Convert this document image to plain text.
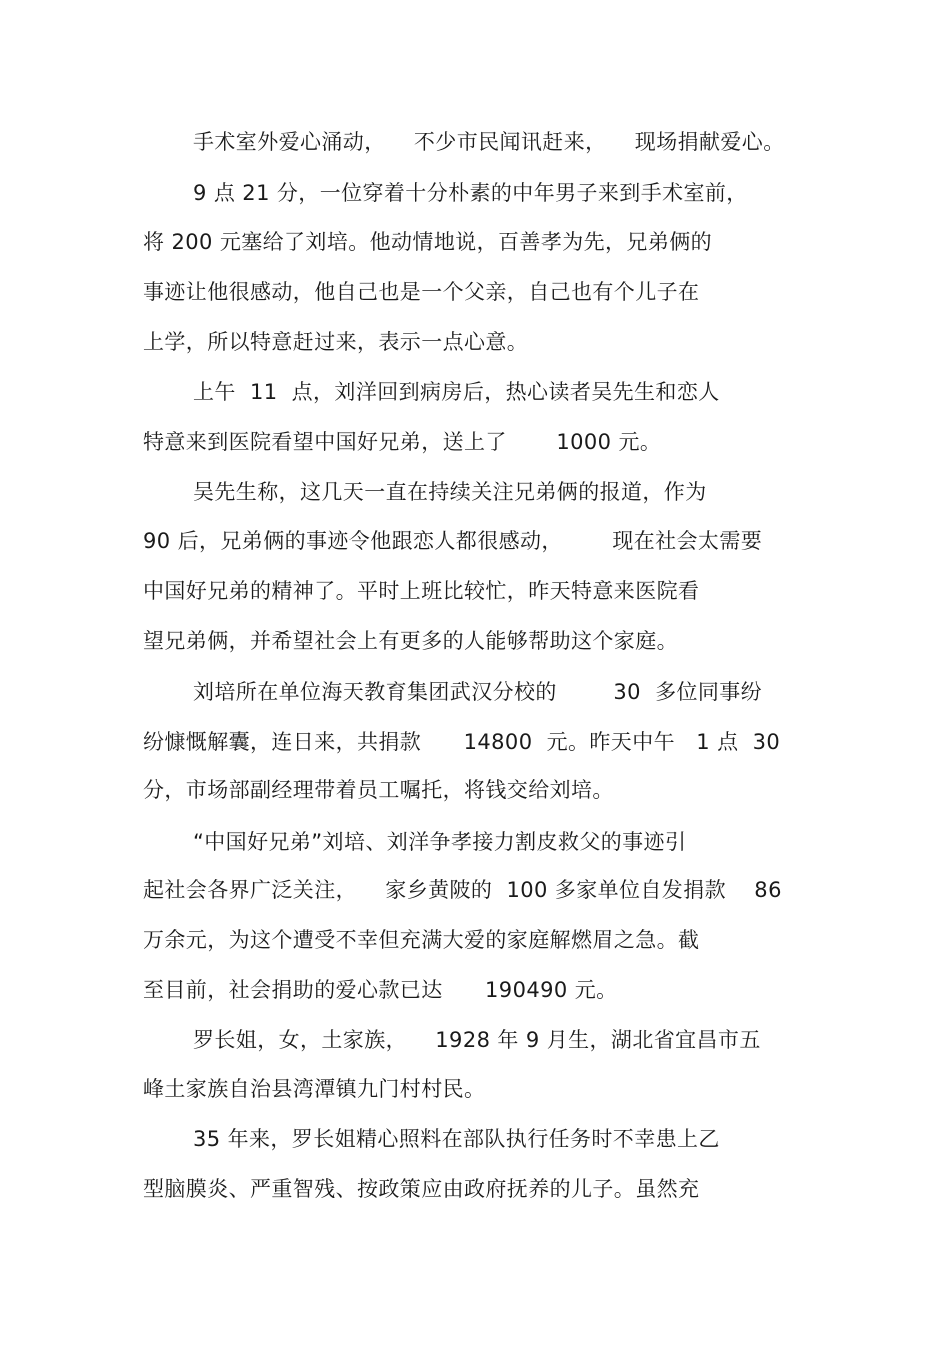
手术室外爱心涌动，    不少市民闻讯赶来，    现场捐献爱心。
9 点 21 分，一位穿着十分朴素的中年男子来到手术室前，
将 200 元塞给了刘培。他动情地说，百善孝为先，兄弟俩的
事迹让他很感动，他自己也是一个父亲，自己也有个儿子在
上学，所以特意赶过来，表示一点心意。
上午  11  点，刘洋回到病房后，热心读者吴先生和恋人
特意来到医院看望中国好兄弟，送上了       1000 元。
吴先生称，这几天一直在持续关注兄弟俩的报道，作为
90 后，兄弟俩的事迹令他跟恋人都很感动，       现在社会太需要
中国好兄弟的精神了。平时上班比较忙，昨天特意来医院看
望兄弟俩，并希望社会上有更多的人能够帮助这个家庭。
刘培所在单位海天教育集团武汉分校的        30  多位同事纷
纷慷慨解囊，连日来，共捐款      14800  元。昨天中午   1 点  30
分，市场部副经理带着员工嘱托，将钱交给刘培。
“中国好兄弟”刘培、刘洋争孝接力割皮救父的事迹引
起社会各界广泛关注，    家乡黄陂的  100 多家单位自发捐款    86
万余元，为这个遭受不幸但充满大爱的家庭解燃眉之急。截
至目前，社会捐助的爱心款已达      190490 元。
罗长姐，女，土家族，    1928 年 9 月生，湖北省宜昌市五
峰土家族自治县湾潭镇九门村村民。
35 年来，罗长姐精心照料在部队执行任务时不幸患上乙
型脑膜炎、严重智残、按政策应由政府抚养的儿子。虽然充
